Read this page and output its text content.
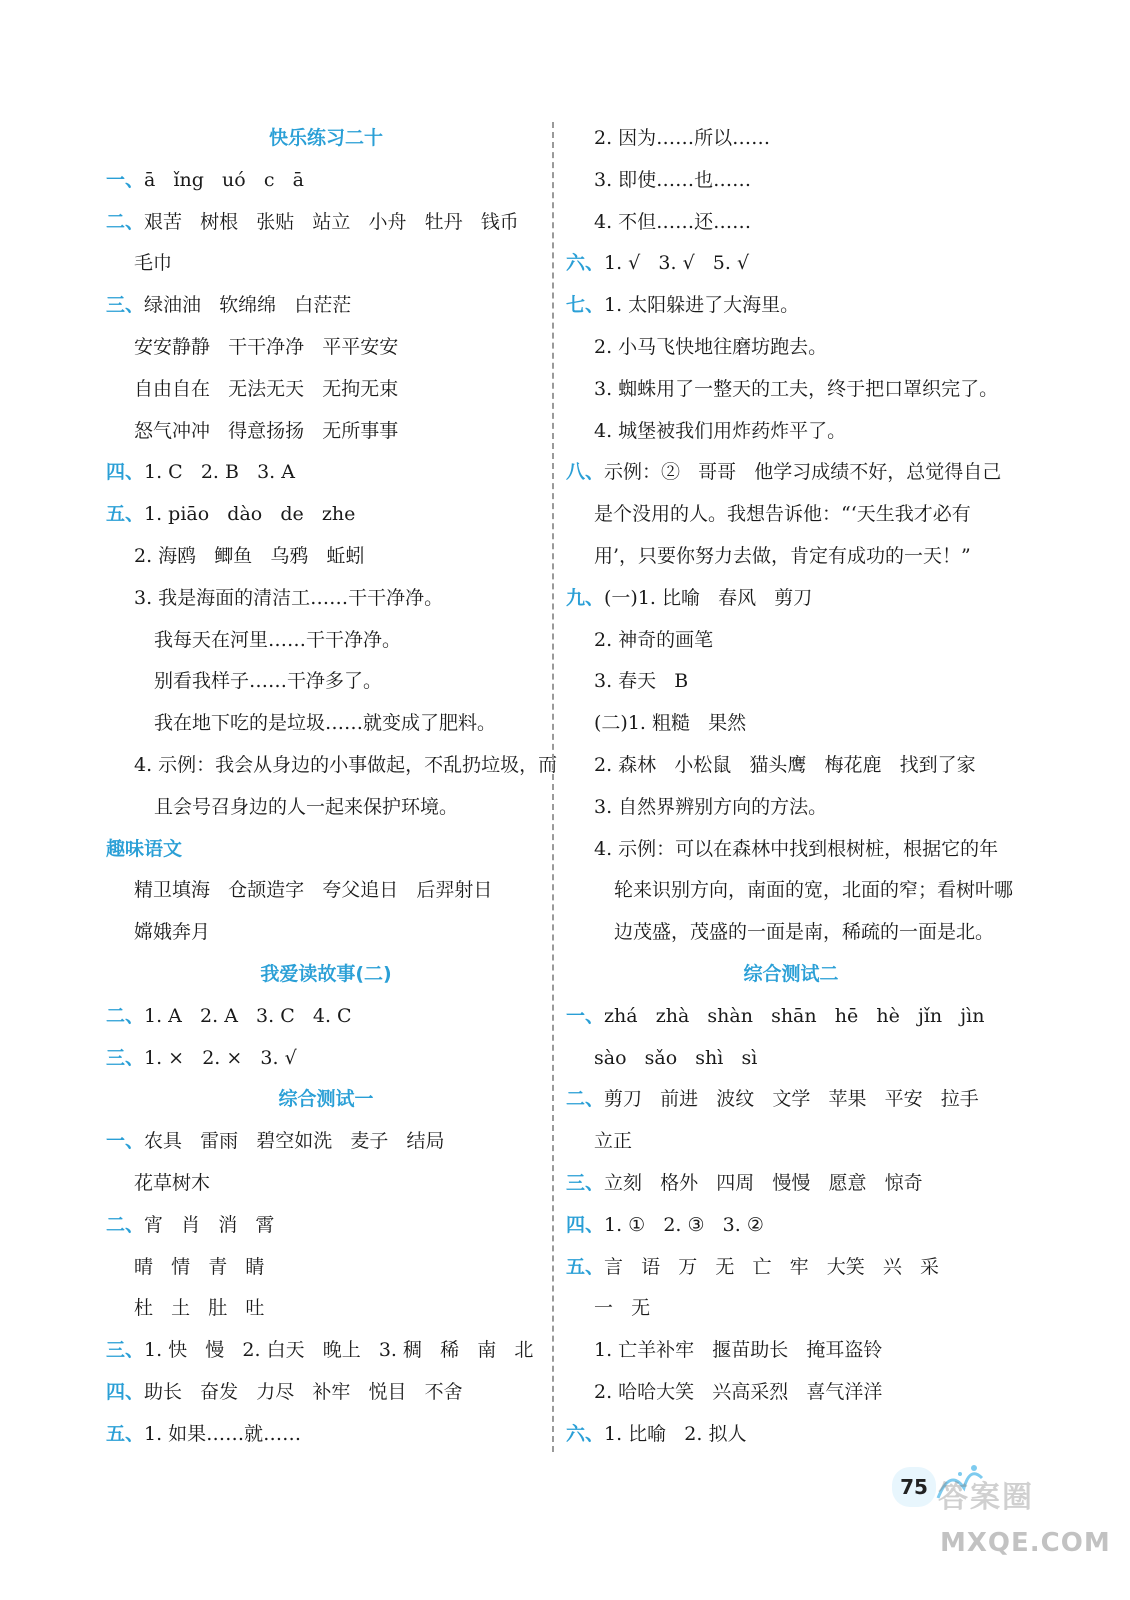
快乐练习二十
一、ā   ǐng   uó   c   ā
二、艰苦   树根   张贴   站立   小舟   牡丹   钱币
毛巾
三、绿油油   软绵绵   白茫茫
安安静静   干干净净   平平安安
自由自在   无法无天   无拘无束
怒气冲冲   得意扬扬   无所事事
四、1. C   2. B   3. A
五、1. piāo   dào   de   zhe
2. 海鸥   鲫鱼   乌鸦   蚯蚓
3. 我是海面的清洁工……干干净净。
我每天在河里……干干净净。
别看我样子……干净多了。
我在地下吃的是垃圾……就变成了肥料。
4. 示例：我会从身边的小事做起，不乱扔垃圾，而
且会号召身边的人一起来保护环境。
趣味语文
精卫填海   仓颉造字   夸父追日   后羿射日
嫦娥奔月
我爱读故事(二)
二、1. A   2. A   3. C   4. C
三、1. ×   2. ×   3. √
综合测试一
一、农具   雷雨   碧空如洗   麦子   结局
花草树木
二、宵   肖   消   霄
晴   情   青   睛
杜   土   肚   吐
三、1. 快   慢   2. 白天   晚上   3. 稠   稀   南   北
四、助长   奋发   力尽   补牢   悦目   不舍
五、1. 如果……就……
2. 因为……所以……
3. 即使……也……
4. 不但……还……
六、1. √   3. √   5. √
七、1. 太阳躲进了大海里。
2. 小马飞快地往磨坊跑去。
3. 蜘蛛用了一整天的工夫，终于把口罩织完了。
4. 城堡被我们用炸药炸平了。
八、示例：②   哥哥   他学习成绩不好，总觉得自己
是个没用的人。我想告诉他：“‘天生我才必有
用’，只要你努力去做，肯定有成功的一天！”
九、(一)1. 比喻   春风   剪刀
2. 神奇的画笔
3. 春天   B
(二)1. 粗糙   果然
2. 森林   小松鼠   猫头鹰   梅花鹿   找到了家
3. 自然界辨别方向的方法。
4. 示例：可以在森林中找到根树桩，根据它的年
轮来识别方向，南面的宽，北面的窄；看树叶哪
边茂盛，茂盛的一面是南，稀疏的一面是北。
综合测试二
一、zhá   zhà   shàn   shān   hē   hè   jǐn   jìn
sào   sǎo   shì   sì
二、剪刀   前进   波纹   文学   苹果   平安   拉手
立正
三、立刻   格外   四周   慢慢   愿意   惊奇
四、1. ①   2. ③   3. ②
五、言   语   万   无   亡   牢   大笑   兴   采
一   无
1. 亡羊补牢   揠苗助长   掩耳盗铃
2. 哈哈大笑   兴高采烈   喜气洋洋
六、1. 比喻   2. 拟人
75 答案圈
MXQE.COM
